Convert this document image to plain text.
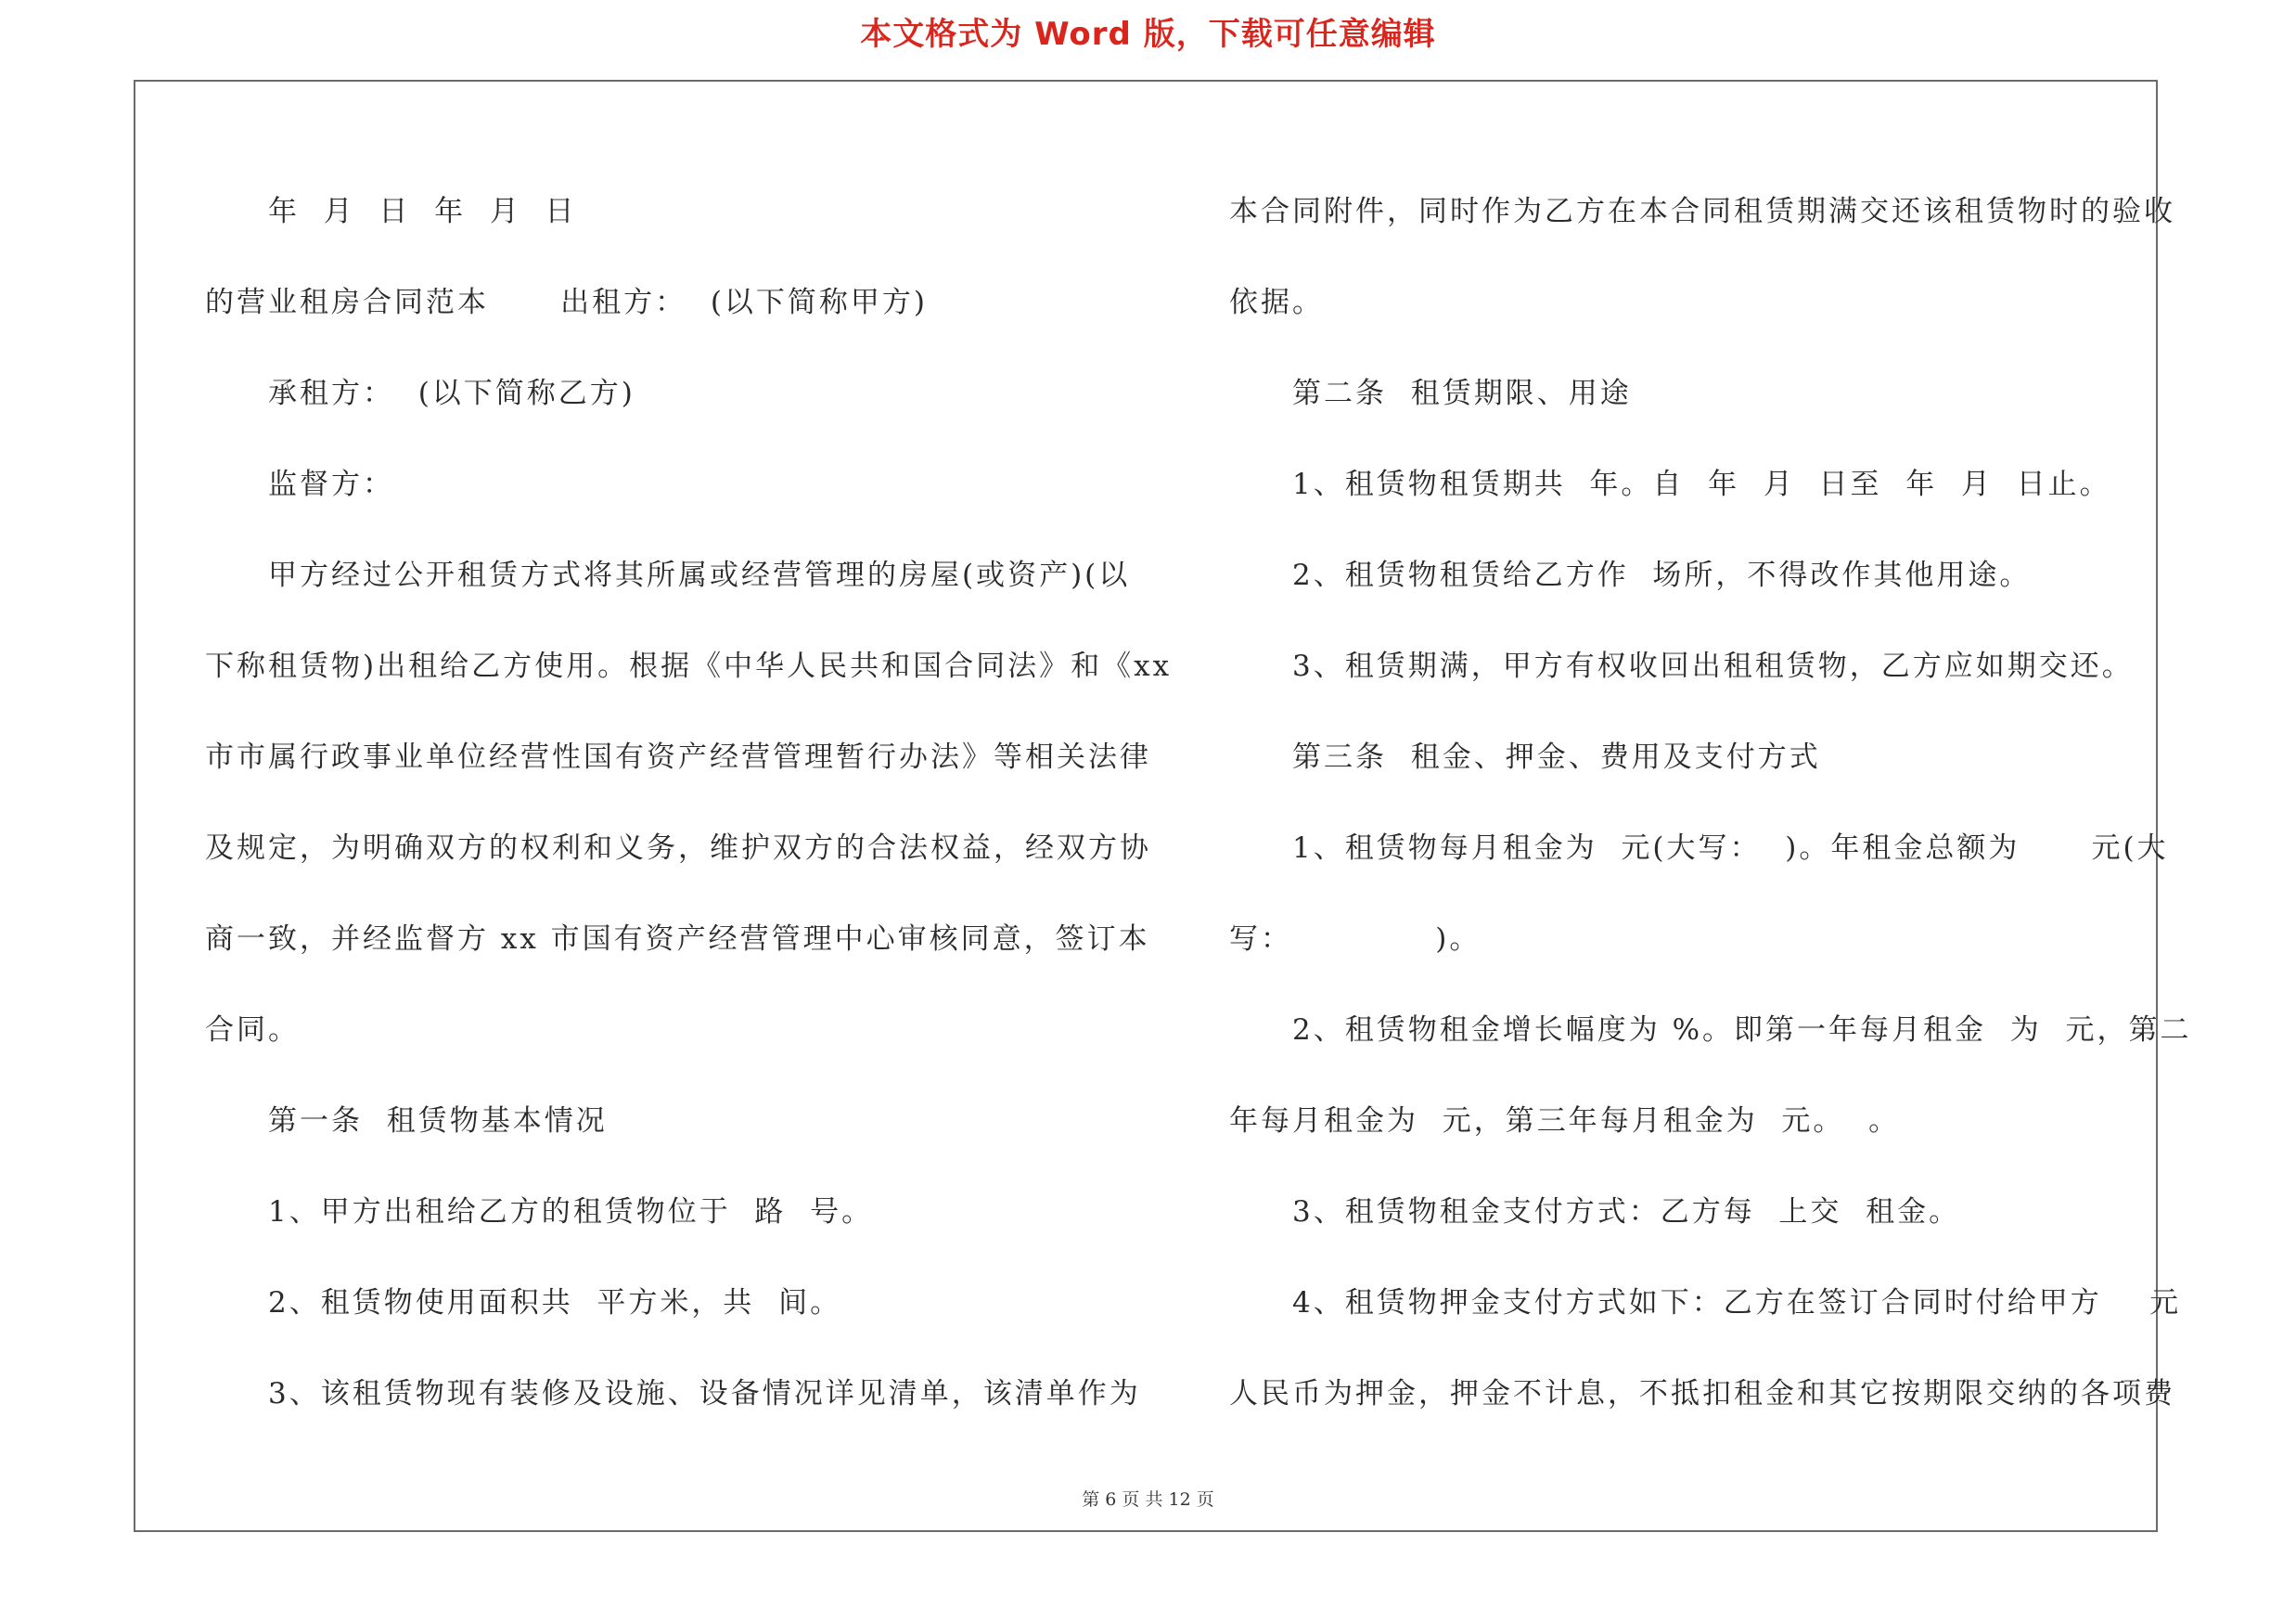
本文格式为 Word 版，下载可任意编辑
年  月  日  年  月  日
的营业租房合同范本      出租方：  (以下简称甲方)
承租方：  (以下简称乙方)
监督方：
甲方经过公开租赁方式将其所属或经营管理的房屋(或资产)(以
下称租赁物)出租给乙方使用。根据《中华人民共和国合同法》和《xx
市市属行政事业单位经营性国有资产经营管理暂行办法》等相关法律
及规定，为明确双方的权利和义务，维护双方的合法权益，经双方协
商一致，并经监督方 xx 市国有资产经营管理中心审核同意，签订本
合同。
第一条  租赁物基本情况
1、甲方出租给乙方的租赁物位于  路  号。
2、租赁物使用面积共  平方米，共  间。
3、该租赁物现有装修及设施、设备情况详见清单，该清单作为
本合同附件，同时作为乙方在本合同租赁期满交还该租赁物时的验收
依据。
第二条  租赁期限、用途
1、租赁物租赁期共  年。自  年  月  日至  年  月  日止。
2、租赁物租赁给乙方作  场所，不得改作其他用途。
3、租赁期满，甲方有权收回出租租赁物，乙方应如期交还。
第三条  租金、押金、费用及支付方式
1、租赁物每月租金为  元(大写：  )。年租金总额为      元(大
写：            )。
2、租赁物租金增长幅度为 %。即第一年每月租金  为  元，第二
年每月租金为  元，第三年每月租金为  元。  。
3、租赁物租金支付方式：乙方每  上交  租金。
4、租赁物押金支付方式如下：乙方在签订合同时付给甲方    元
人民币为押金，押金不计息，不抵扣租金和其它按期限交纳的各项费
第 6 页 共 12 页
